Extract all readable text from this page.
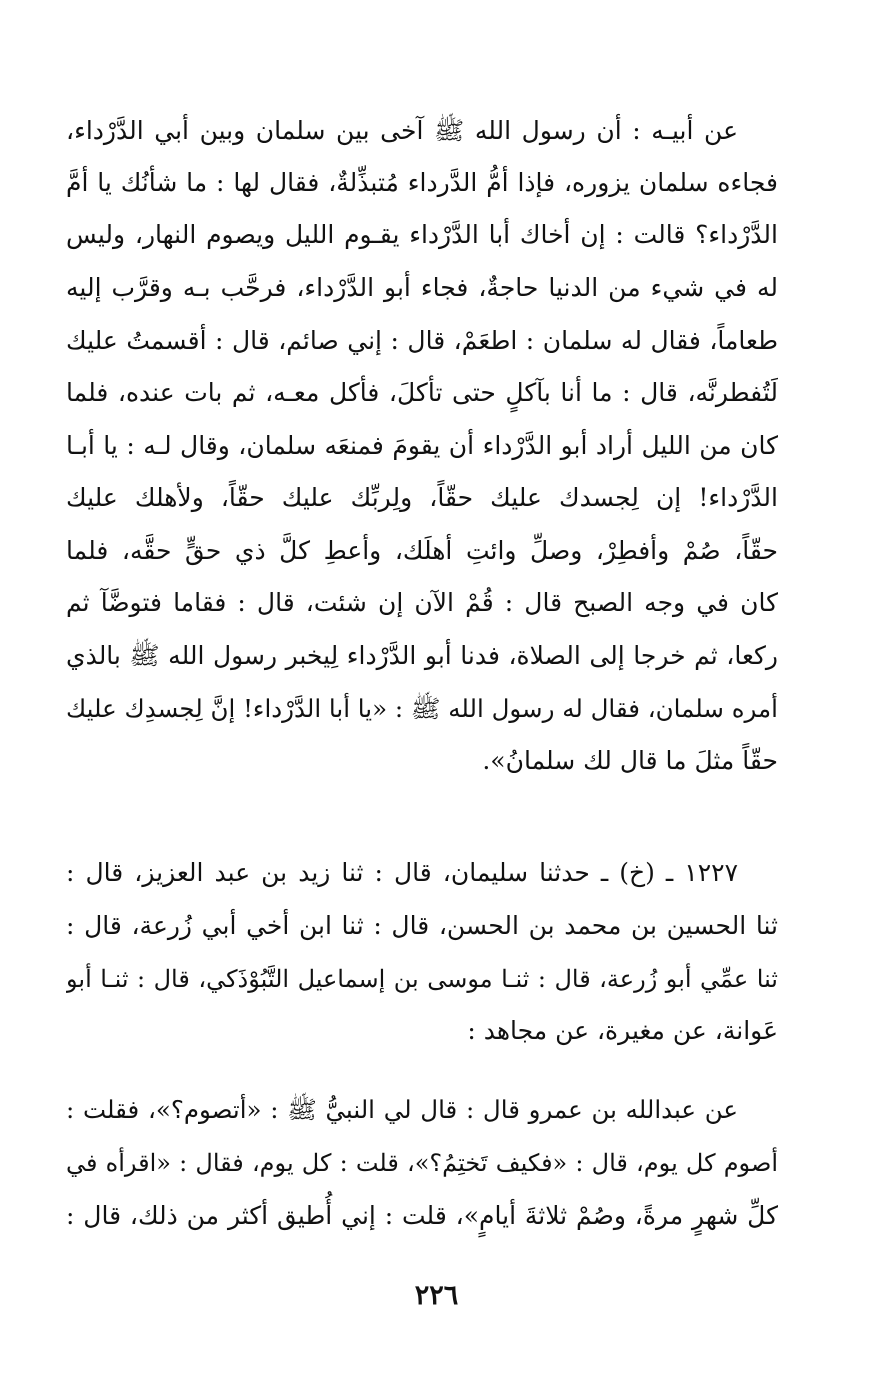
عن أبيـه : أن رسول الله ﷺ آخى بين سلمان وبين أبي الدَّرْداء،
فجاءه سلمان يزوره، فإذا أمُّ الدَّرداء مُتبذِّلةٌ، فقال لها : ما شأنُك يا أمَّ
الدَّرْداء؟ قالت : إن أخاك أبا الدَّرْداء يقـوم الليل ويصوم النهار، وليس
له في شيء من الدنيا حاجةٌ، فجاء أبو الدَّرْداء، فرحَّب بـه وقرَّب إليه
طعاماً، فقال له سلمان : اطعَمْ، قال : إني صائم، قال : أقسمتُ عليك
لَتُفطرنَّه، قال : ما أنا بآكلٍ حتى تأكلَ، فأكل معـه، ثم بات عنده، فلما
كان من الليل أراد أبو الدَّرْداء أن يقومَ فمنعَه سلمان، وقال لـه : يا أبـا
الدَّرْداء! إن لِجسدك عليك حقّاً، ولِربِّك عليك حقّاً، ولأهلك عليك
حقّاً، صُمْ وأفطِرْ، وصلِّ وائتِ أهلَك، وأعطِ كلَّ ذي حقٍّ حقَّه، فلما
كان في وجه الصبح قال : قُمْ الآن إن شئت، قال : فقاما فتوضَّآ ثم
ركعا، ثم خرجا إلى الصلاة، فدنا أبو الدَّرْداء لِيخبر رسول الله ﷺ بالذي
أمره سلمان، فقال له رسول الله ﷺ : «يا أبا الدَّرْداء! إنَّ لِجسدِك عليك
حقّاً مثلَ ما قال لك سلمانُ».
١٢٢٧ ـ (خ) ـ حدثنا سليمان، قال : ثنا زيد بن عبد العزيز، قال :
ثنا الحسين بن محمد بن الحسن، قال : ثنا ابن أخي أبي زُرعة، قال :
ثنا عمِّي أبو زُرعة، قال : ثنـا موسى بن إسماعيل التَّبُوْذَكي، قال : ثنـا أبو
عَوانة، عن مغيرة، عن مجاهد :
عن عبدالله بن عمرو قال : قال لي النبيُّ ﷺ : «أتصوم؟»، فقلت :
أصوم كل يوم، قال : «فكيف تَختِمُ؟»، قلت : كل يوم، فقال : «اقرأه في
كلِّ شهرٍ مرةً، وصُمْ ثلاثةَ أيامٍ»، قلت : إني أُطيق أكثر من ذلك، قال :
٢٢٦
